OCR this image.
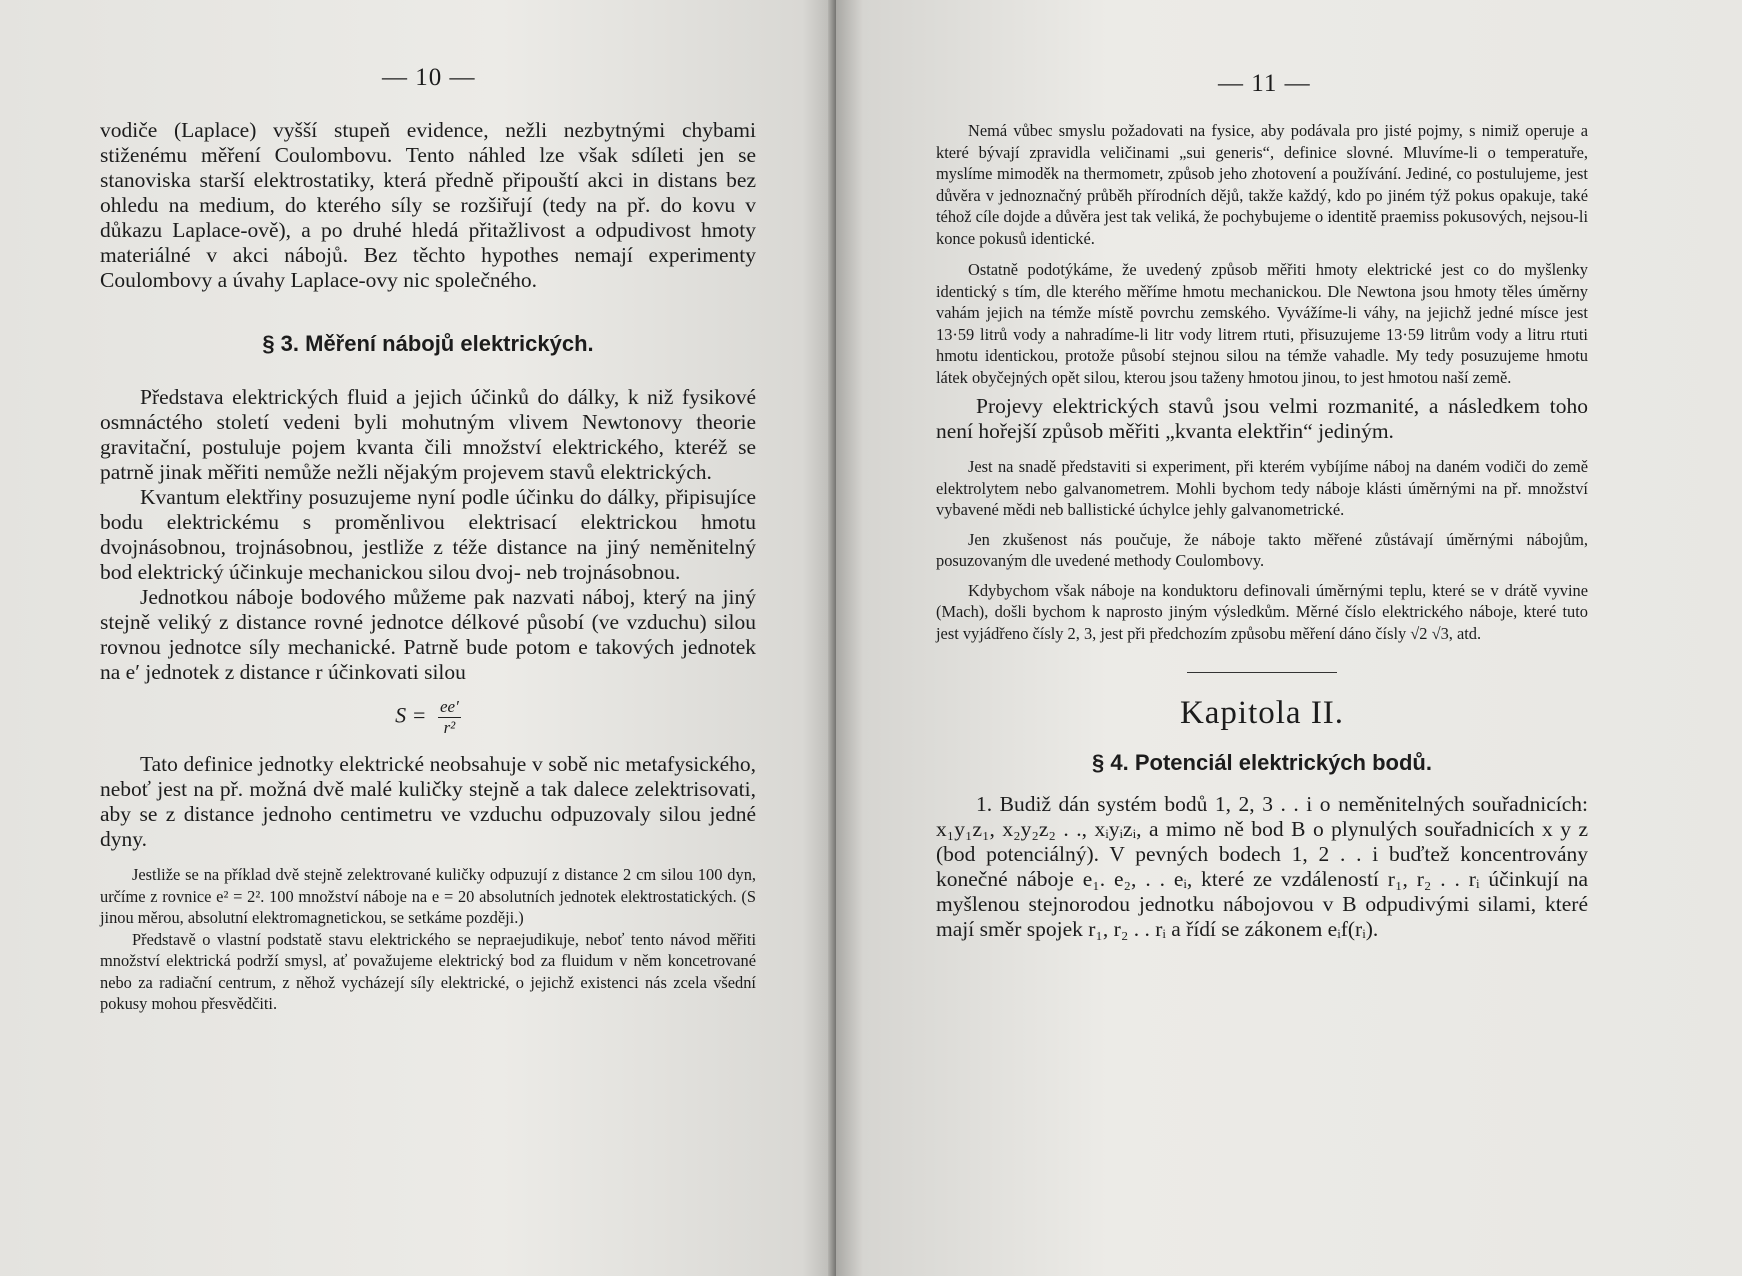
— 10 —

vodiče (Laplace) vyšší stupeň evidence, nežli nezbytnými chybami stiženému měření Coulombovu. Tento náhled lze však sdíleti jen se stanoviska starší elektrostatiky, která předně připouští akci in distans bez ohledu na medium, do kterého síly se rozšiřují (tedy na př. do kovu v důkazu Laplace-ově), a po druhé hledá přitažlivost a odpudivost hmoty materiálné v akci nábojů. Bez těchto hypothes nemají experimenty Coulombovy a úvahy Laplace-ovy nic společného.

§ 3. Měření nábojů elektrických.

Představa elektrických fluid a jejich účinků do dálky, k niž fysikové osmnáctého století vedeni byli mohutným vlivem Newtonovy theorie gravitační, postuluje pojem kvanta čili množství elektrického, kteréž se patrně jinak měřiti nemůže nežli nějakým projevem stavů elektrických.

Kvantum elektřiny posuzujeme nyní podle účinku do dálky, připisujíce bodu elektrickému s proměnlivou elektrisací elektrickou hmotu dvojnásobnou, trojnásobnou, jestliže z téže distance na jiný neměnitelný bod elektrický účinkuje mechanickou silou dvoj- neb trojnásobnou.

Jednotkou náboje bodového můžeme pak nazvati náboj, který na jiný stejně veliký z distance rovné jednotce délkové působí (ve vzduchu) silou rovnou jednotce síly mechanické. Patrně bude potom e takových jednotek na e′ jednotek z distance r účinkovati silou

$S = \frac{ee'}{\text{r²}}$

Tato definice jednotky elektrické neobsahuje v sobě nic metafysického, neboť jest na př. možná dvě malé kuličky stejně a tak dalece zelektrisovati, aby se z distance jednoho centimetru ve vzduchu odpuzovaly silou jedné dyny.

Jestliže se na příklad dvě stejně zelektrované kuličky odpuzují z distance 2 cm silou 100 dyn, určíme z rovnice e² = 2². 100 množství náboje na e = 20 absolutních jednotek elektrostatických. (S jinou měrou, absolutní elektromagnetickou, se setkáme později.)

Představě o vlastní podstatě stavu elektrického se nepraejudikuje, neboť tento návod měřiti množství elektrická podrží smysl, ať považujeme elektrický bod za fluidum v něm koncetrované nebo za radiační centrum, z něhož vycházejí síly elektrické, o jejichž existenci nás zcela všední pokusy mohou přesvědčiti.

— 11 —

Nemá vůbec smyslu požadovati na fysice, aby podávala pro jisté pojmy, s nimiž operuje a které bývají zpravidla veličinami „sui generis“, definice slovné. Mluvíme-li o temperatuře, myslíme mimoděk na thermometr, způsob jeho zhotovení a používání. Jediné, co postulujeme, jest důvěra v jednoznačný průběh přírodních dějů, takže každý, kdo po jiném týž pokus opakuje, také téhož cíle dojde a důvěra jest tak veliká, že pochybujeme o identitě praemiss pokusových, nejsou-li konce pokusů identické.

Ostatně podotýkáme, že uvedený způsob měřiti hmoty elektrické jest co do myšlenky identický s tím, dle kterého měříme hmotu mechanickou. Dle Newtona jsou hmoty těles úměrny vahám jejich na témže místě povrchu zemského. Vyvážíme-li váhy, na jejichž jedné mísce jest 13·59 litrů vody a nahradíme-li litr vody litrem rtuti, přisuzujeme 13·59 litrům vody a litru rtuti hmotu identickou, protože působí stejnou silou na témže vahadle. My tedy posuzujeme hmotu látek obyčejných opět silou, kterou jsou taženy hmotou jinou, to jest hmotou naší země.

Projevy elektrických stavů jsou velmi rozmanité, a následkem toho není hořejší způsob měřiti „kvanta elektřin“ jediným.

Jest na snadě představiti si experiment, při kterém vybíjíme náboj na daném vodiči do země elektrolytem nebo galvanometrem. Mohli bychom tedy náboje klásti úměrnými na př. množství vybavené mědi neb ballistické úchylce jehly galvanometrické.

Jen zkušenost nás poučuje, že náboje takto měřené zůstávají úměrnými nábojům, posuzovaným dle uvedené methody Coulombovy.

Kdybychom však náboje na konduktoru definovali úměrnými teplu, které se v drátě vyvine (Mach), došli bychom k naprosto jiným výsledkům. Měrné číslo elektrického náboje, které tuto jest vyjádřeno čísly 2, 3, jest při předchozím způsobu měření dáno čísly √2 √3, atd.

Kapitola II.

§ 4. Potenciál elektrických bodů.

1. Budiž dán systém bodů 1, 2, 3 . . i o neměnitelných souřadnicích: x₁y₁z₁, x₂y₂z₂ . ., xᵢyᵢzᵢ, a mimo ně bod B o plynulých souřadnicích x y z (bod potenciálný). V pevných bodech 1, 2 . . i buďtež koncentrovány konečné náboje e₁. e₂, . . eᵢ, které ze vzdáleností r₁, r₂ . . rᵢ účinkují na myšlenou stejnorodou jednotku nábojovou v B odpudivými silami, které mají směr spojek r₁, r₂ . . rᵢ a řídí se zákonem eᵢf(rᵢ).
